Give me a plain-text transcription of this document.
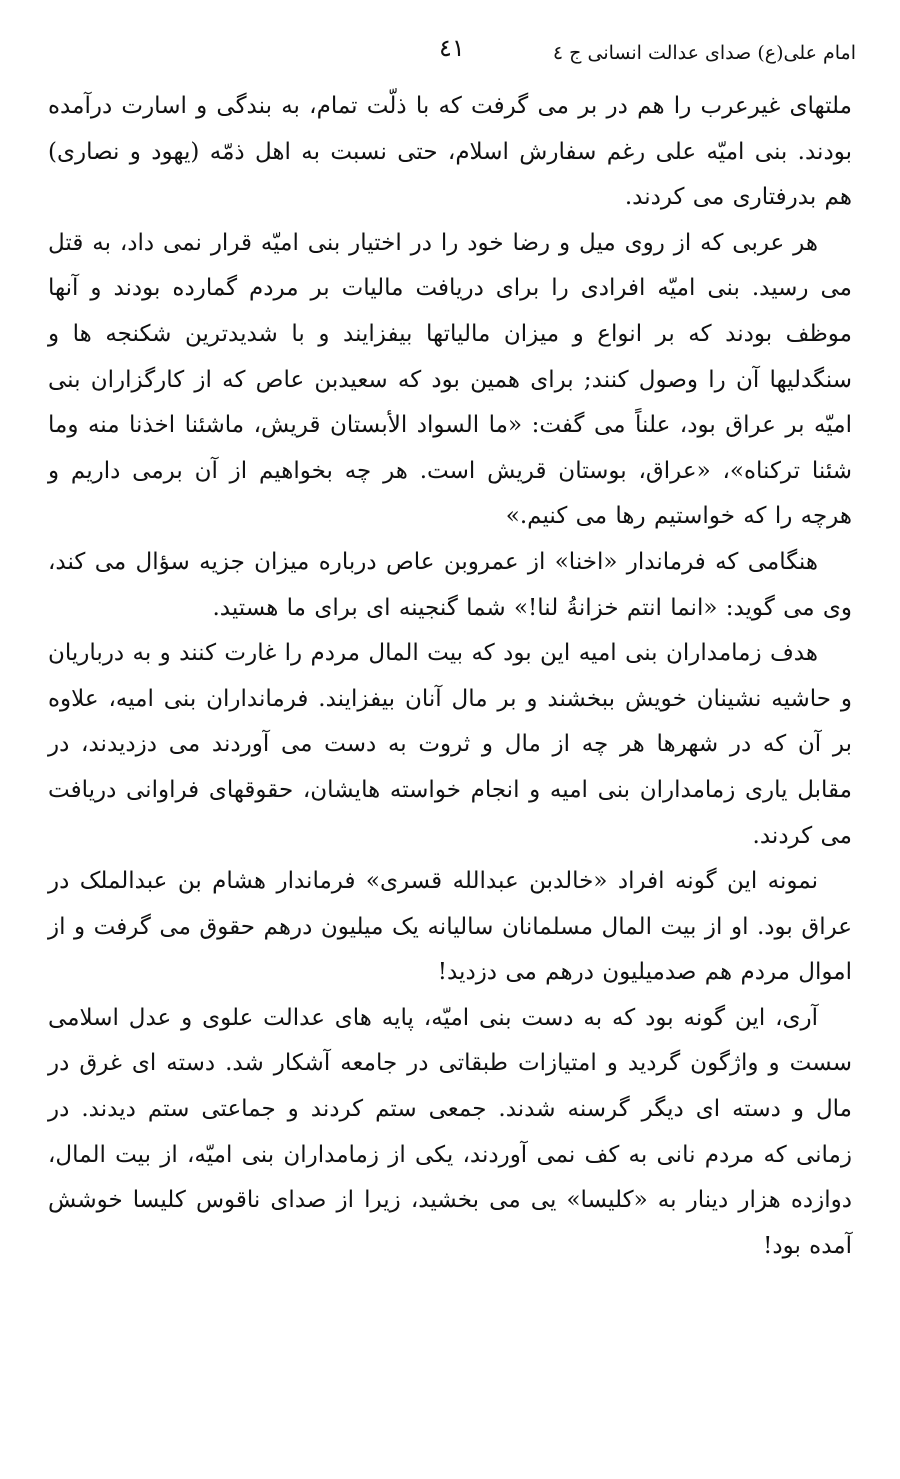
امام علی(ع) صدای عدالت انسانی ج ٤
٤١

ملتهای غیرعرب را هم در بر می گرفت که با ذلّت تمام، به بندگی و اسارت درآمده بودند. بنی امیّه علی رغم سفارش اسلام، حتی نسبت به اهل ذمّه (یهود و نصاری) هم بدرفتاری می کردند.

هر عربی که از روی میل و رضا خود را در اختیار بنی امیّه قرار نمی داد، به قتل می رسید. بنی امیّه افرادی را برای دریافت مالیات بر مردم گمارده بودند و آنها موظف بودند که بر انواع و میزان مالیاتها بیفزایند و با شدیدترین شکنجه ها و سنگدلیها آن را وصول کنند; برای همین بود که سعیدبن عاص که از کارگزاران بنی امیّه بر عراق بود، علناً می گفت: «ما السواد الأبستان قریش، ماشئنا اخذنا منه وما شئنا ترکناه»، «عراق، بوستان قریش است. هر چه بخواهیم از آن برمی داریم و هرچه را که خواستیم رها می کنیم.»

هنگامی که فرماندار «اخنا» از عمروبن عاص درباره میزان جزیه سؤال می کند، وی می گوید: «انما انتم خزانةُ لنا!» شما گنجینه ای برای ما هستید.

هدف زمامداران بنی امیه این بود که بیت المال مردم را غارت کنند و به درباریان و حاشیه نشینان خویش ببخشند و بر مال آنان بیفزایند. فرمانداران بنی امیه، علاوه بر آن که در شهرها هر چه از مال و ثروت به دست می آوردند می دزدیدند، در مقابل یاری زمامداران بنی امیه و انجام خواسته هایشان، حقوقهای فراوانی دریافت می کردند.

نمونه این گونه افراد «خالدبن عبدالله قسری» فرماندار هشام بن عبدالملک در عراق بود. او از بیت المال مسلمانان سالیانه یک میلیون درهم حقوق می گرفت و از اموال مردم هم صدمیلیون درهم می دزدید!

آری، این گونه بود که به دست بنی امیّه، پایه های عدالت علوی و عدل اسلامی سست و واژگون گردید و امتیازات طبقاتی در جامعه آشکار شد. دسته ای غرق در مال و دسته ای دیگر گرسنه شدند. جمعی ستم کردند و جماعتی ستم دیدند. در زمانی که مردم نانی به کف نمی آوردند، یکی از زمامداران بنی امیّه، از بیت المال، دوازده هزار دینار به «کلیسا» یی می بخشید، زیرا از صدای ناقوس کلیسا خوشش آمده بود!
